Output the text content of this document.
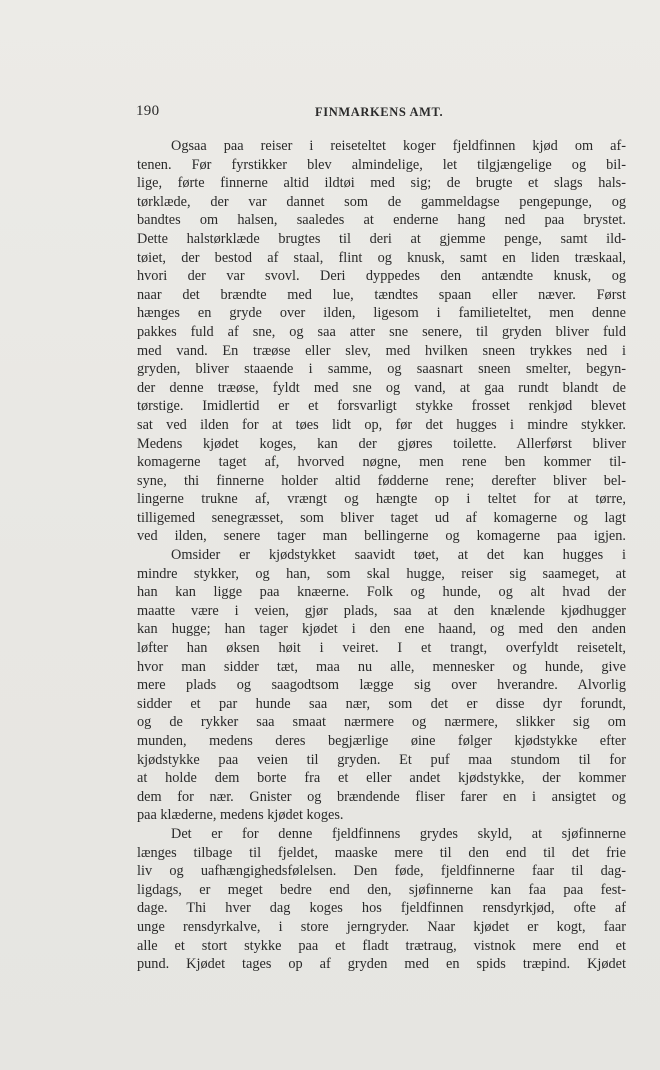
190	FINMARKENS AMT.
Ogsaa paa reiser i reiseteltet koger fjeldfinnen kjød om af-
tenen. Før fyrstikker blev almindelige, let tilgjængelige og bil-
lige, førte finnerne altid ildtøi med sig; de brugte et slags hals-
tørklæde, der var dannet som de gammeldagse pengepunge, og
bandtes om halsen, saaledes at enderne hang ned paa brystet.
Dette halstørklæde brugtes til deri at gjemme penge, samt ild-
tøiet, der bestod af staal, flint og knusk, samt en liden træskaal,
hvori der var svovl. Deri dyppedes den antændte knusk, og
naar det brændte med lue, tændtes spaan eller næver. Først
hænges en gryde over ilden, ligesom i familieteltet, men denne
pakkes fuld af sne, og saa atter sne senere, til gryden bliver fuld
med vand. En træøse eller slev, med hvilken sneen trykkes ned i
gryden, bliver staaende i samme, og saasnart sneen smelter, begyn-
der denne træøse, fyldt med sne og vand, at gaa rundt blandt de
tørstige. Imidlertid er et forsvarligt stykke frosset renkjød blevet
sat ved ilden for at tøes lidt op, før det hugges i mindre stykker.
Medens kjødet koges, kan der gjøres toilette. Allerførst bliver
komagerne taget af, hvorved nøgne, men rene ben kommer til-
syne, thi finnerne holder altid fødderne rene; derefter bliver bel-
lingerne trukne af, vrængt og hængte op i teltet for at tørre,
tilligemed senegræsset, som bliver taget ud af komagerne og lagt
ved ilden, senere tager man bellingerne og komagerne paa igjen.
Omsider er kjødstykket saavidt tøet, at det kan hugges i
mindre stykker, og han, som skal hugge, reiser sig saameget, at
han kan ligge paa knæerne. Folk og hunde, og alt hvad der
maatte være i veien, gjør plads, saa at den knælende kjødhugger
kan hugge; han tager kjødet i den ene haand, og med den anden
løfter han øksen høit i veiret. I et trangt, overfyldt reisetelt,
hvor man sidder tæt, maa nu alle, mennesker og hunde, give
mere plads og saagodtsom lægge sig over hverandre. Alvorlig
sidder et par hunde saa nær, som det er disse dyr forundt,
og de rykker saa smaat nærmere og nærmere, slikker sig om
munden, medens deres begjærlige øine følger kjødstykke efter
kjødstykke paa veien til gryden. Et puf maa stundom til for
at holde dem borte fra et eller andet kjødstykke, der kommer
dem for nær. Gnister og brændende fliser farer en i ansigtet og
paa klæderne, medens kjødet koges.
Det er for denne fjeldfinnens grydes skyld, at sjøfinnerne
længes tilbage til fjeldet, maaske mere til den end til det frie
liv og uafhængighedsfølelsen. Den føde, fjeldfinnerne faar til dag-
ligdags, er meget bedre end den, sjøfinnerne kan faa paa fest-
dage. Thi hver dag koges hos fjeldfinnen rensdyrkjød, ofte af
unge rensdyrkalve, i store jerngryder. Naar kjødet er kogt, faar
alle et stort stykke paa et fladt trætraug, vistnok mere end et
pund. Kjødet tages op af gryden med en spids træpind. Kjødet
